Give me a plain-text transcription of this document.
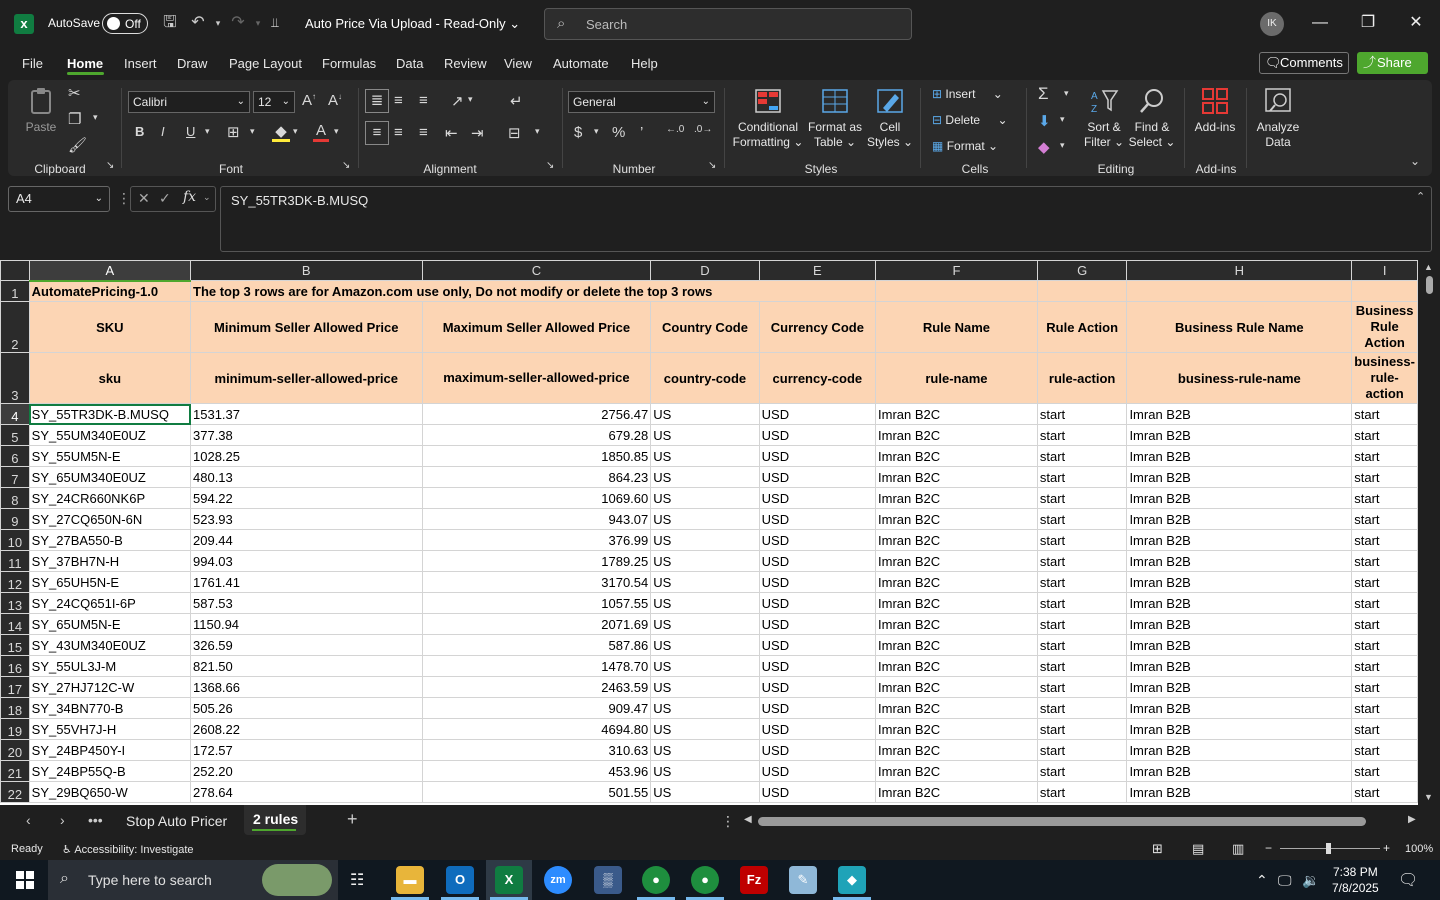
x	AutoSave Off 🖫 ↶	▾ ↷	▾ ⫫	Auto Price Via Upload - Read-Only ⌄ ⌕ Search	IK	— ❐ ✕
File Home Insert Draw Page Layout Formulas Data Review View Automate Help	🗨
Comments	⤴ Share
Paste
✂
❐ ▾
🖌
Clipboard ↘
Calibri	⌄	12 ⌄ A↑ A↓
B I U ▾ ⊞ ▾ ◆ ▾ A ▾
Font	↘
≣ ≡ ≡ ↗ ▾ ↵
≡ ≡ ≡ ⇤ ⇥ ⊟ ▾
Alignment	↘
General	⌄
$ ▾ % ’ ←.0 .0→
Number	↘
Conditional
Formatting ⌄
Format as
Table ⌄
Cell
Styles ⌄
Styles
⊞ Insert ⌄
⊟ Delete ⌄
▦ Format ⌄
Cells
Σ ▾
⬇ ▾
◆ ▾
A
Z
Sort &
Filter ⌄
Find &
Select ⌄
Editing
Add-ins
Add-ins
Analyze
Data
⌄
A4	⌄ ⋮ ✕ ✓ fx ⌄	SY_55TR3DK-B.MUSQ	⌃
	A	B	C	D	E	F	G	H	I
1	AutomatePricing-1.0	The top 3 rows are for Amazon.com use only, Do not modify or delete the top 3 rows							
2	SKU	Minimum Seller Allowed Price	Maximum Seller Allowed Price	Country Code	Currency Code	Rule Name	Rule Action	Business Rule Name	Business Rule Action
3	sku	minimum-seller-allowed-price	maximum-seller-allowed-price	country-code	currency-code	rule-name	rule-action	business-rule-name	business-rule-action
4	SY_55TR3DK-B.MUSQ	1531.37	2756.47	US	USD	Imran B2C	start	Imran B2B	start
5	SY_55UM340E0UZ	377.38	679.28	US	USD	Imran B2C	start	Imran B2B	start
6	SY_55UM5N-E	1028.25	1850.85	US	USD	Imran B2C	start	Imran B2B	start
7	SY_65UM340E0UZ	480.13	864.23	US	USD	Imran B2C	start	Imran B2B	start
8	SY_24CR660NK6P	594.22	1069.60	US	USD	Imran B2C	start	Imran B2B	start
9	SY_27CQ650N-6N	523.93	943.07	US	USD	Imran B2C	start	Imran B2B	start
10	SY_27BA550-B	209.44	376.99	US	USD	Imran B2C	start	Imran B2B	start
11	SY_37BH7N-H	994.03	1789.25	US	USD	Imran B2C	start	Imran B2B	start
12	SY_65UH5N-E	1761.41	3170.54	US	USD	Imran B2C	start	Imran B2B	start
13	SY_24CQ651I-6P	587.53	1057.55	US	USD	Imran B2C	start	Imran B2B	start
14	SY_65UM5N-E	1150.94	2071.69	US	USD	Imran B2C	start	Imran B2B	start
15	SY_43UM340E0UZ	326.59	587.86	US	USD	Imran B2C	start	Imran B2B	start
16	SY_55UL3J-M	821.50	1478.70	US	USD	Imran B2C	start	Imran B2B	start
17	SY_27HJ712C-W	1368.66	2463.59	US	USD	Imran B2C	start	Imran B2B	start
18	SY_34BN770-B	505.26	909.47	US	USD	Imran B2C	start	Imran B2B	start
19	SY_55VH7J-H	2608.22	4694.80	US	USD	Imran B2C	start	Imran B2B	start
20	SY_24BP450Y-I	172.57	310.63	US	USD	Imran B2C	start	Imran B2B	start
21	SY_24BP55Q-B	252.20	453.96	US	USD	Imran B2C	start	Imran B2B	start
22	SY_29BQ650-W	278.64	501.55	US	USD	Imran B2C	start	Imran B2B	start
▲
▼
‹ › ••• Stop Auto Pricer 2 rules	+	⋮ ◀	▶
Ready ♿ Accessibility: Investigate	⊞ ▤ ▥ −	+ 100%
⌕ Type here to search	☷	▬	O	X	zm	▒	●	●	Fz	✎	◆	⌃ 🖵 🔉 7:38 PM
7/8/2025 🗨
